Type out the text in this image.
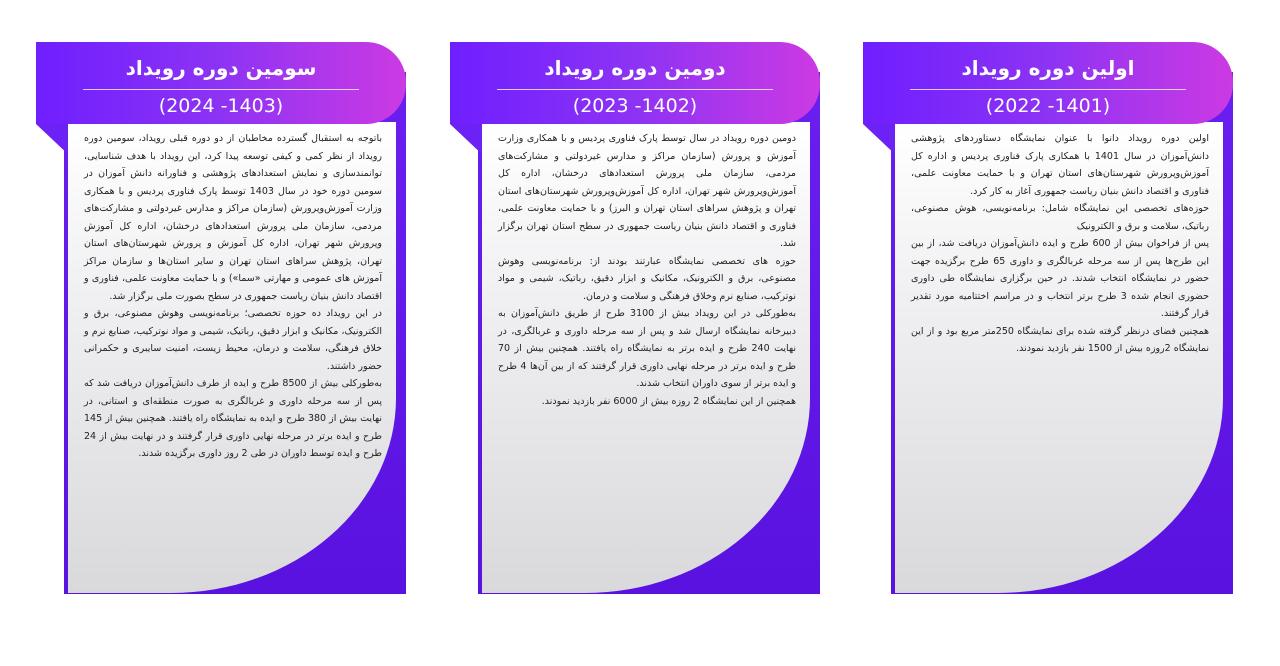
باتوجه به استقبال گسترده مخاطبان از دو دوره قبلی رویداد، سومین دوره رویداد از نظر کمی و کیفی توسعه پیدا کرد، این رویداد با هدف شناسایی، توانمندسازی و نمایش استعدادهای پژوهشی و فناورانه دانش آموزان در سومین دوره خود در سال 1403 توسط پارک فناوری پردیس و با همکاری وزارت آموزش‌وپرورش (سازمان مراکز و مدارس غیردولتی و مشارکت‌های مردمی، سازمان ملی پرورش استعدادهای درخشان، اداره کل آموزش وپرورش شهر تهران، اداره کل آموزش و پرورش شهرستان‌های استان تهران، پژوهش سراهای استان تهران و سایر استان‌ها و سازمان مراکز آموزش های عمومی و مهارتی «سما») و با حمایت معاونت علمی، فناوری و اقتصاد دانش بنیان ریاست جمهوری در سطح بصورت ملی برگزار شد.

در این رویداد ده حوزه تخصصی؛ برنامه‌نویسی وهوش مصنوعی، برق و الکترونیک، مکانیک و ابزار دقیق، رباتیک، شیمی و مواد نوترکیب، صنایع نرم و خلاق فرهنگی، سلامت و درمان، محیط زیست، امنیت سایبری و حکمرانی حضور داشتند.

به‌طورکلی بیش از 8500 طرح و ایده از طرف دانش‌آموزان دریافت شد که پس از سه مرحله داوری و غربالگری به صورت منطقه‌ای و استانی، در نهایت بیش از 380 طرح و ایده به نمایشگاه راه یافتند. همچنین بیش از 145 طرح و ایده برتر در مرحله نهایی داوری قرار گرفتند و در نهایت بیش از 24 طرح و ایده توسط داوران در طی 2 روز داوری برگزیده شدند.

سومین دوره رویداد
(2024 -1403)

دومین دوره رویداد در سال توسط پارک فناوری پردیس و با همکاری وزارت آموزش و پرورش (سازمان مراکز و مدارس غیردولتی و مشارکت‌های مردمی، سازمان ملی پرورش استعدادهای درخشان، اداره کل آموزش‌وپرورش شهر تهران، اداره کل آموزش‌وپرورش شهرستان‌های استان تهران و پژوهش سراهای استان تهران و البرز) و با حمایت معاونت علمی، فناوری و اقتصاد دانش بنیان ریاست جمهوری در سطح استان تهران برگزار شد.

حوزه های تخصصی نمایشگاه عبارتند بودند از: برنامه‌نویسی وهوش مصنوعی، برق و الکترونیک، مکانیک و ابزار دقیق، رباتیک، شیمی و مواد نوترکیب، صنایع نرم وخلاق فرهنگی و سلامت و درمان.

به‌طورکلی در این رویداد بیش از 3100 طرح از طریق دانش‌آموزان به دبیرخانه نمایشگاه ارسال شد و پس از سه مرحله داوری و غربالگری، در نهایت 240 طرح و ایده برتر به نمایشگاه راه یافتند. همچنین بیش از 70 طرح و ایده برتر در مرحله نهایی داوری قرار گرفتند که از بین آن‌ها 4 طرح و ایده برتر از سوی داوران انتخاب شدند.

همچنین از این نمایشگاه 2 روزه بیش از 6000 نفر بازدید نمودند.

دومین دوره رویداد
(2023 -1402)

اولین دوره رویداد دانوا با عنوان نمایشگاه دستاوردهای پژوهشی دانش‌آموزان در سال 1401 با همکاری پارک فناوری پردیس و اداره کل آموزش‌وپرورش شهرستان‌های استان تهران و با حمایت معاونت علمی، فناوری و اقتصاد دانش بنیان ریاست جمهوری آغاز به کار کرد.

حوزه‌های تخصصی این نمایشگاه شامل: برنامه‌نویسی، هوش مصنوعی، رباتیک، سلامت و برق و الکترونیک

پس از فراخوان بیش از 600 طرح و ایده دانش‌آموزان دریافت شد، از بین این طرح‌ها پس از سه مرحله غربالگری و داوری 65 طرح برگزیده جهت حضور در نمایشگاه انتخاب شدند. در حین برگزاری نمایشگاه طی داوری حضوری انجام شده 3 طرح برتر انتخاب و در مراسم اختتامیه مورد تقدیر قرار گرفتند.

همچنین فضای درنظر گرفته شده برای نمایشگاه 250متر مربع بود و از این نمایشگاه 2روزه بیش از 1500 نفر بازدید نمودند.

اولین دوره رویداد
(2022 -1401)
